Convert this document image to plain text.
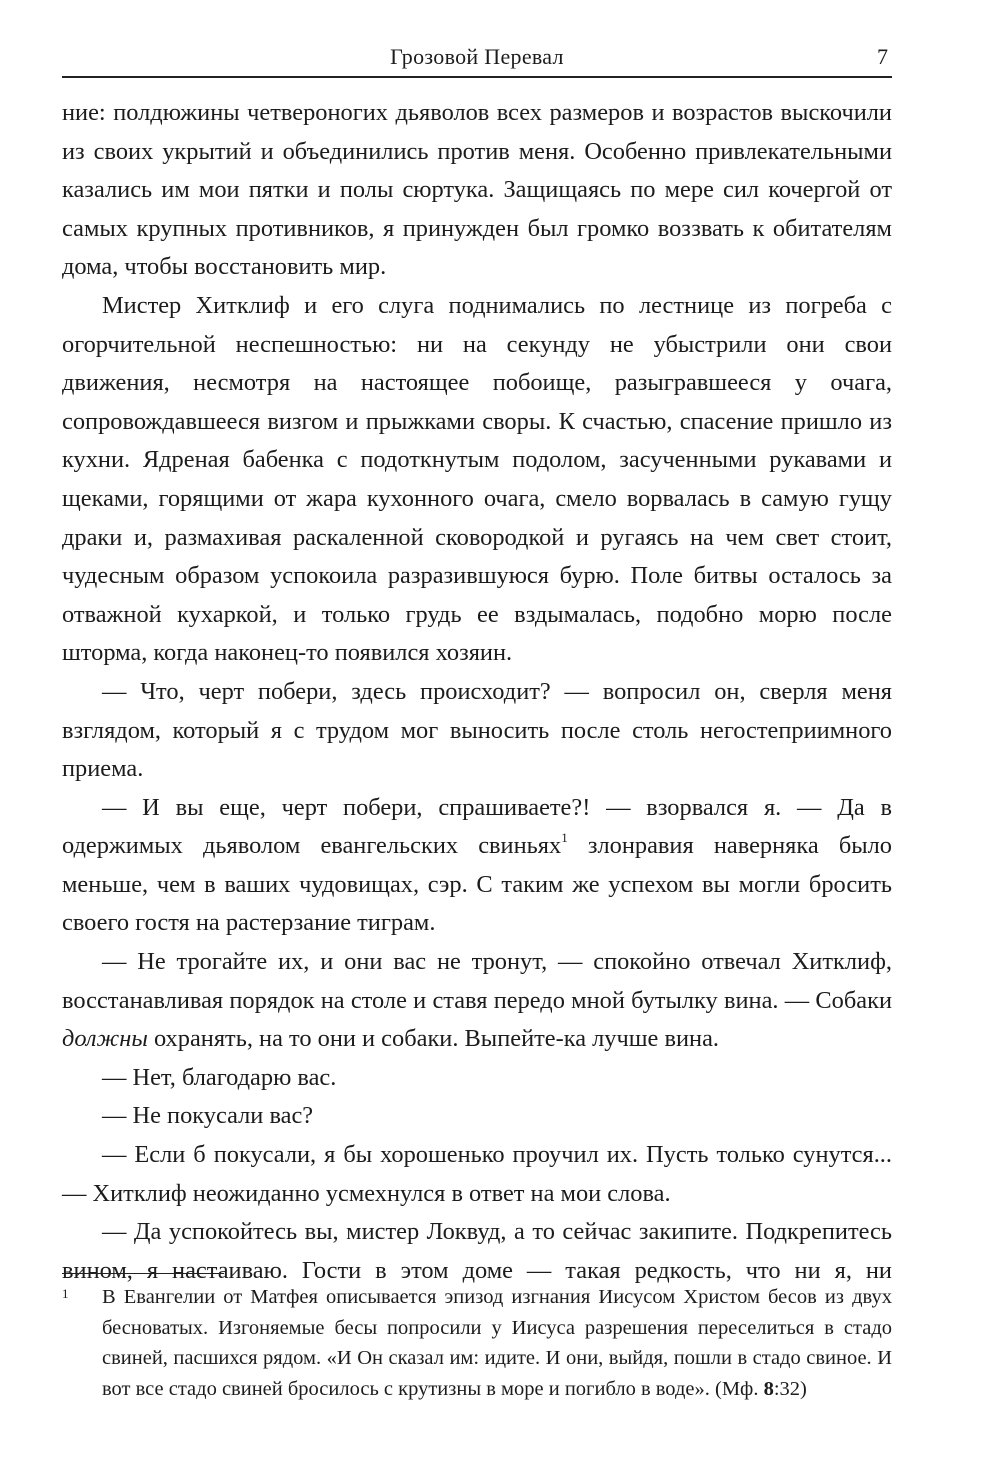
Грозовой Перевал	7

ние: полдюжины четвероногих дьяволов всех размеров и возрастов выскочили из своих укрытий и объединились против меня. Особенно привлекательными казались им мои пятки и полы сюртука. Защищаясь по мере сил кочергой от самых крупных противников, я принужден был громко воззвать к обитателям дома, чтобы восстановить мир.

Мистер Хитклиф и его слуга поднимались по лестнице из погреба с огорчительной неспешностью: ни на секунду не убыстрили они свои движения, несмотря на настоящее побоище, разыгравшееся у очага, сопровождавшееся визгом и прыжками своры. К счастью, спасение пришло из кухни. Ядреная бабенка с подоткнутым подолом, засученными рукавами и щеками, горящими от жара кухонного очага, смело ворвалась в самую гущу драки и, размахивая раскаленной сковородкой и ругаясь на чем свет стоит, чудесным образом успокоила разразившуюся бурю. Поле битвы осталось за отважной кухаркой, и только грудь ее вздымалась, подобно морю после шторма, когда наконец-то появился хозяин.

— Что, черт побери, здесь происходит? — вопросил он, сверля меня взглядом, который я с трудом мог выносить после столь негостеприимного приема.

— И вы еще, черт побери, спрашиваете?! — взорвался я. — Да в одержимых дьяволом евангельских свиньях$^1$ злонравия наверняка было меньше, чем в ваших чудовищах, сэр. С таким же успехом вы могли бросить своего гостя на растерзание тиграм.

— Не трогайте их, и они вас не тронут, — спокойно отвечал Хитклиф, восстанавливая порядок на столе и ставя передо мной бутылку вина. — Собаки должны охранять, на то они и собаки. Выпейте-ка лучше вина.

— Нет, благодарю вас.

— Не покусали вас?

— Если б покусали, я бы хорошенько проучил их. Пусть только сунутся... — Хитклиф неожиданно усмехнулся в ответ на мои слова.

— Да успокойтесь вы, мистер Локвуд, а то сейчас закипите. Подкрепитесь вином, я настаиваю. Гости в этом доме — такая редкость, что ни я, ни

1 В Евангелии от Матфея описывается эпизод изгнания Иисусом Христом бесов из двух бесноватых. Изгоняемые бесы попросили у Иисуса разрешения переселиться в стадо свиней, пасшихся рядом. «И Он сказал им: идите. И они, выйдя, пошли в стадо свиное. И вот все стадо свиней бросилось с крутизны в море и погибло в воде». (Мф. 8:32)
